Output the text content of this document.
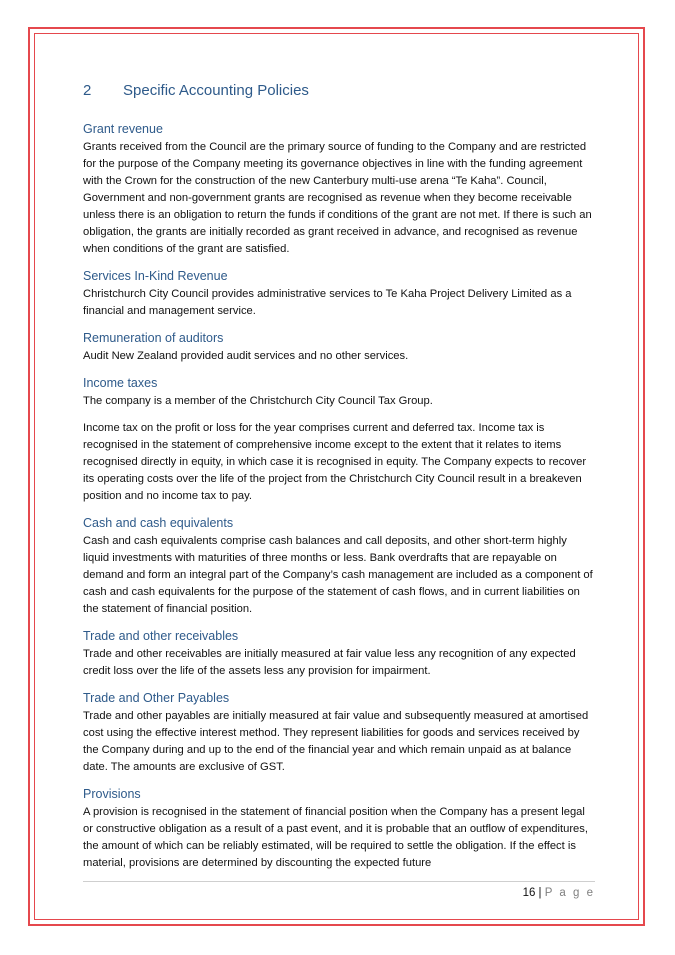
2	Specific Accounting Policies
Grant revenue

Grants received from the Council are the primary source of funding to the Company and are restricted for the purpose of the Company meeting its governance objectives in line with the funding agreement with the Crown for the construction of the new Canterbury multi-use arena “Te Kaha”. Council, Government and non-government grants are recognised as revenue when they become receivable unless there is an obligation to return the funds if conditions of the grant are not met. If there is such an obligation, the grants are initially recorded as grant received in advance, and recognised as revenue when conditions of the grant are satisfied.

Services In-Kind Revenue

Christchurch City Council provides administrative services to Te Kaha Project Delivery Limited as a financial and management service.

Remuneration of auditors

Audit New Zealand provided audit services and no other services.

Income taxes

The company is a member of the Christchurch City Council Tax Group.

Income tax on the profit or loss for the year comprises current and deferred tax. Income tax is recognised in the statement of comprehensive income except to the extent that it relates to items recognised directly in equity, in which case it is recognised in equity. The Company expects to recover its operating costs over the life of the project from the Christchurch City Council result in a breakeven position and no income tax to pay.

Cash and cash equivalents

Cash and cash equivalents comprise cash balances and call deposits, and other short-term highly liquid investments with maturities of three months or less. Bank overdrafts that are repayable on demand and form an integral part of the Company’s cash management are included as a component of cash and cash equivalents for the purpose of the statement of cash flows, and in current liabilities on the statement of financial position.

Trade and other receivables

Trade and other receivables are initially measured at fair value less any recognition of any expected credit loss over the life of the assets less any provision for impairment.

Trade and Other Payables

Trade and other payables are initially measured at fair value and subsequently measured at amortised cost using the effective interest method. They represent liabilities for goods and services received by the Company during and up to the end of the financial year and which remain unpaid as at balance date. The amounts are exclusive of GST.

Provisions

A provision is recognised in the statement of financial position when the Company has a present legal or constructive obligation as a result of a past event, and it is probable that an outflow of expenditures, the amount of which can be reliably estimated, will be required to settle the obligation. If the effect is material, provisions are determined by discounting the expected future

16 | P a g e
